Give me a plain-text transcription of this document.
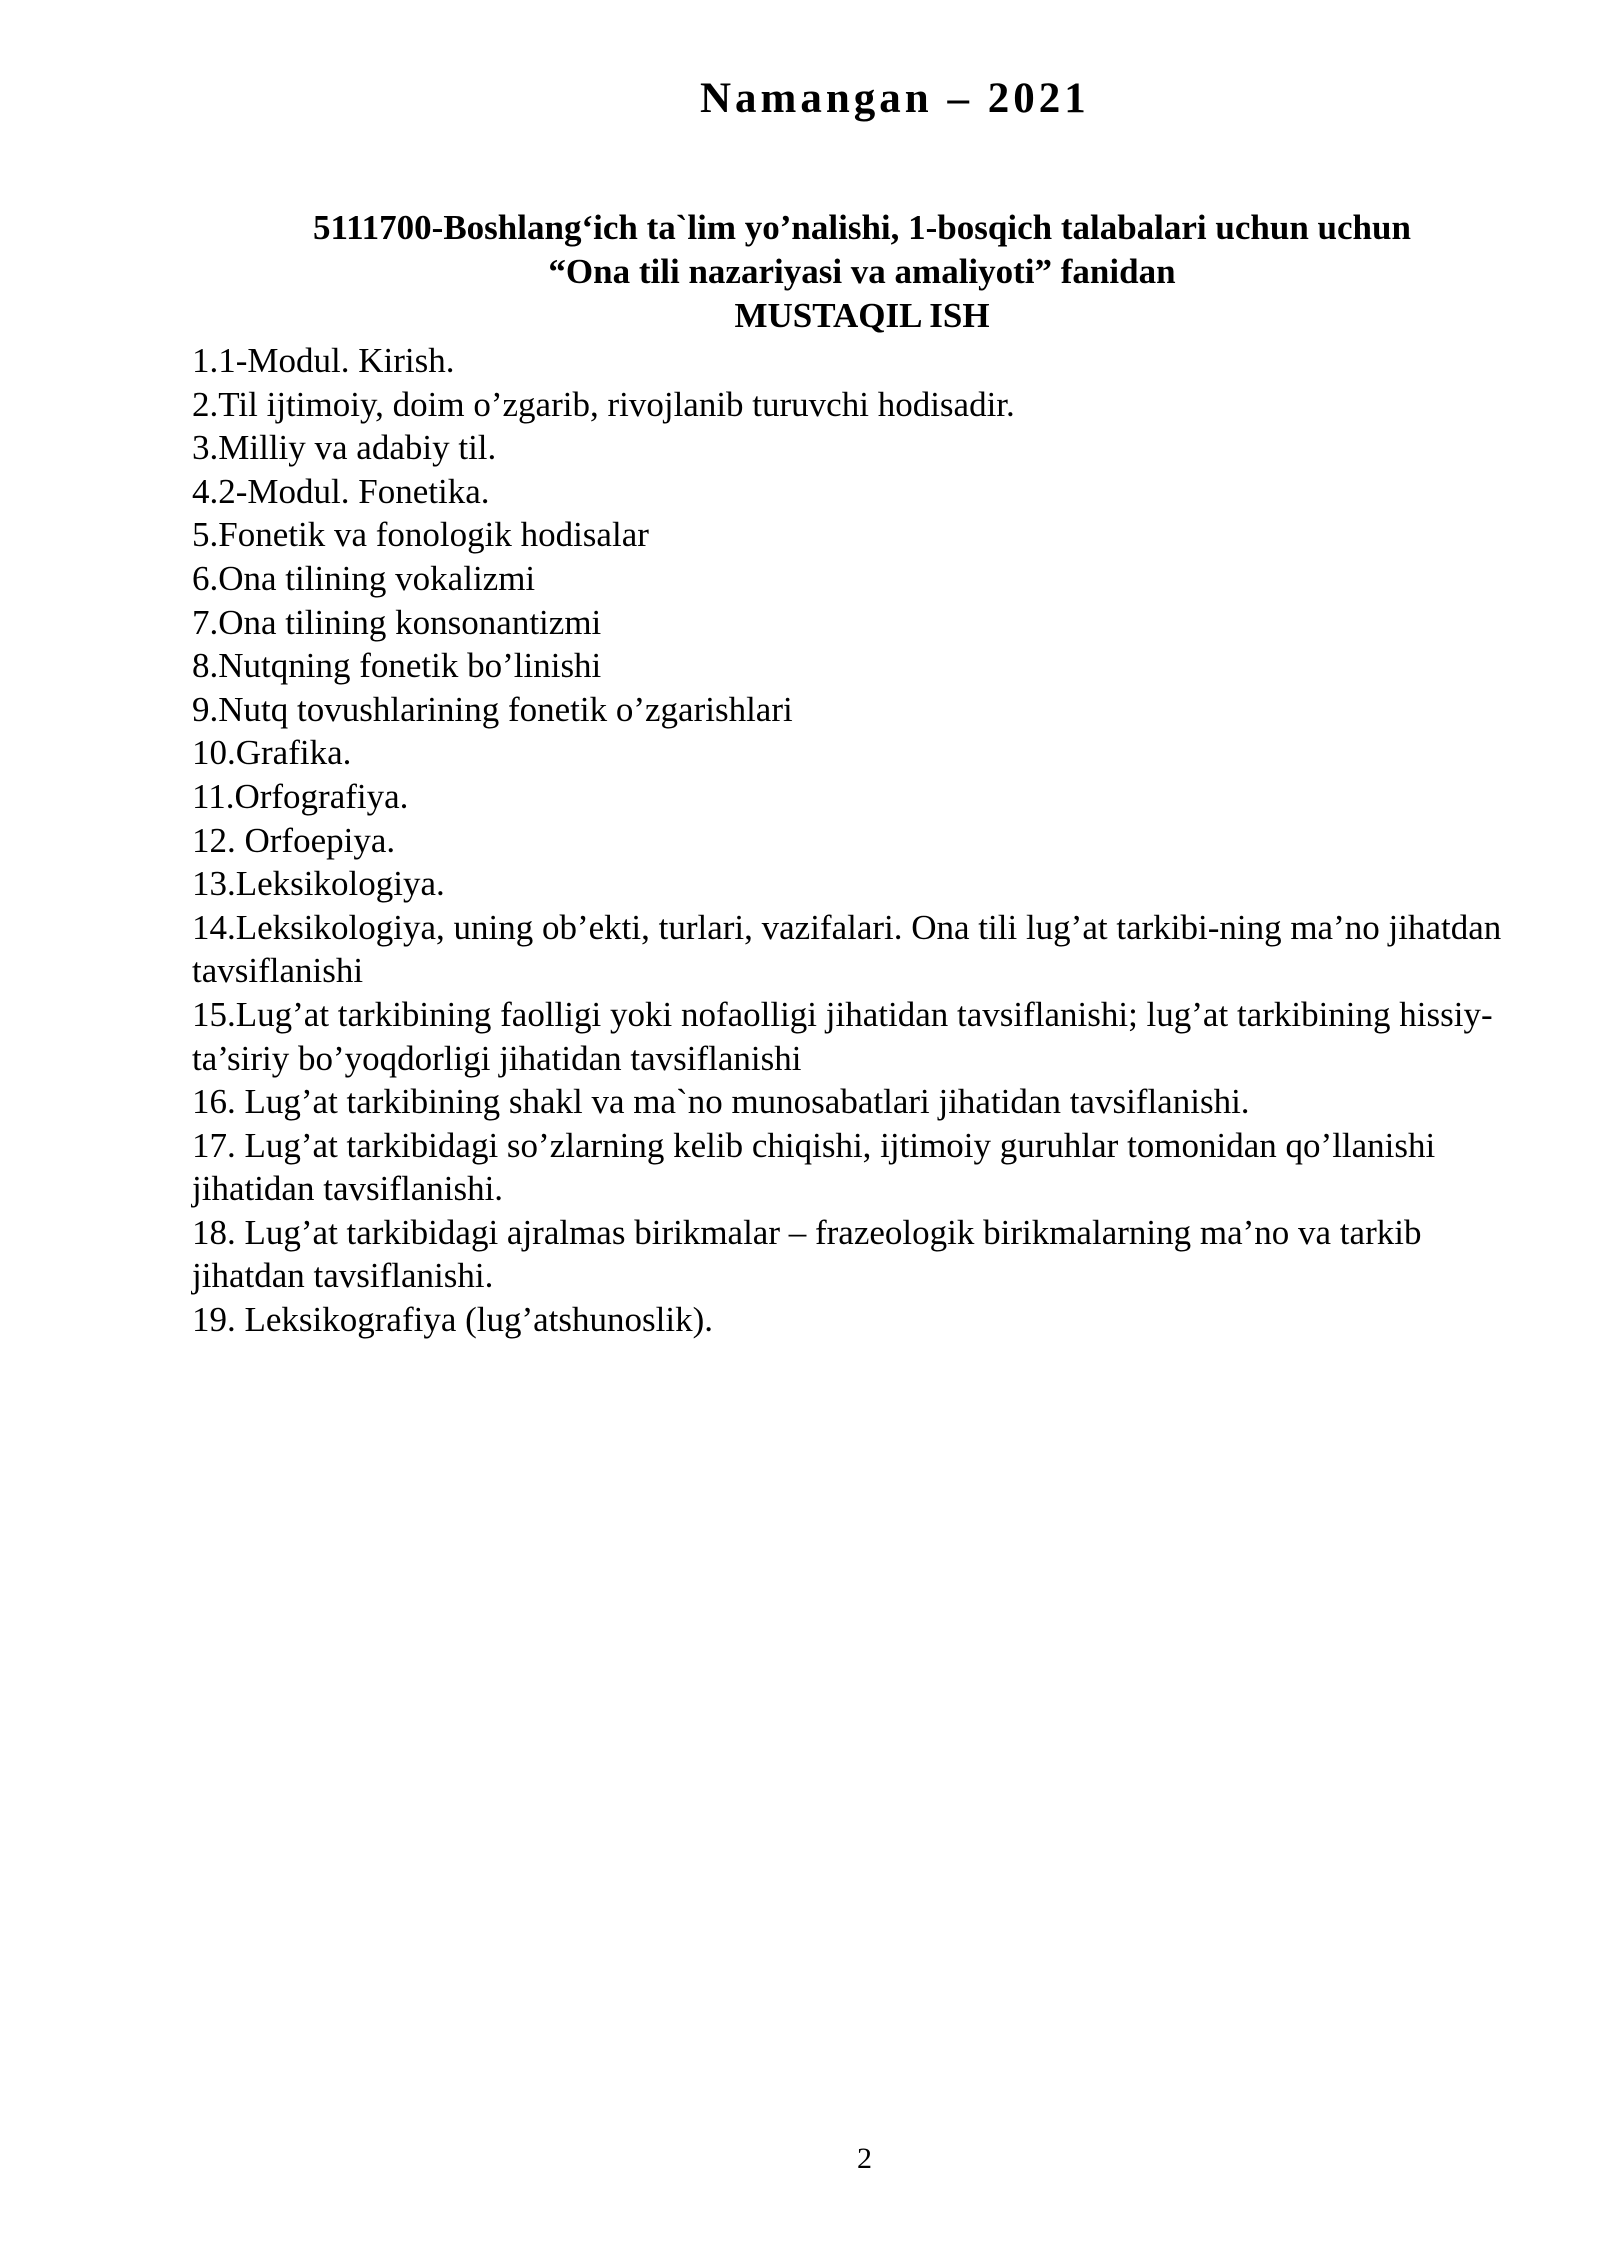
Namangan – 2021
5111700-Boshlangʻich ta`lim yo’nalishi, 1-bosqich talabalari uchun uchun
“Ona tili nazariyasi va amaliyoti” fanidan
MUSTAQIL ISH
1.1-Modul. Kirish.
2.Til ijtimoiy, doim o’zgarib, rivojlanib turuvchi hodisadir.
3.Milliy va adabiy til.
4.2-Modul. Fonetika.
5.Fonetik va fonologik hodisalar
6.Ona tilining vokalizmi
7.Ona tilining konsonantizmi
8.Nutqning fonetik bo’linishi
9.Nutq tovushlarining fonetik o’zgarishlari
10.Grafika.
11.Orfografiya.
12. Orfoepiya.
13.Leksikologiya.
14.Leksikologiya, uning ob’ekti, turlari, vazifalari. Ona tili lug’at tarkibi-ning ma’no jihatdan tavsiflanishi
15.Lug’at tarkibining faolligi yoki nofaolligi jihatidan tavsiflanishi; lug’at tarkibining hissiy-ta’siriy bo’yoqdorligi jihatidan tavsiflanishi
16. Lug’at tarkibining shakl va ma`no munosabatlari jihatidan tavsiflanishi.
17. Lug’at tarkibidagi so’zlarning kelib chiqishi, ijtimoiy guruhlar tomonidan qo’llanishi jihatidan tavsiflanishi.
18. Lug’at tarkibidagi ajralmas birikmalar – frazeologik birikmalarning ma’no va tarkib jihatdan tavsiflanishi.
19. Leksikografiya (lug’atshunoslik).
2
